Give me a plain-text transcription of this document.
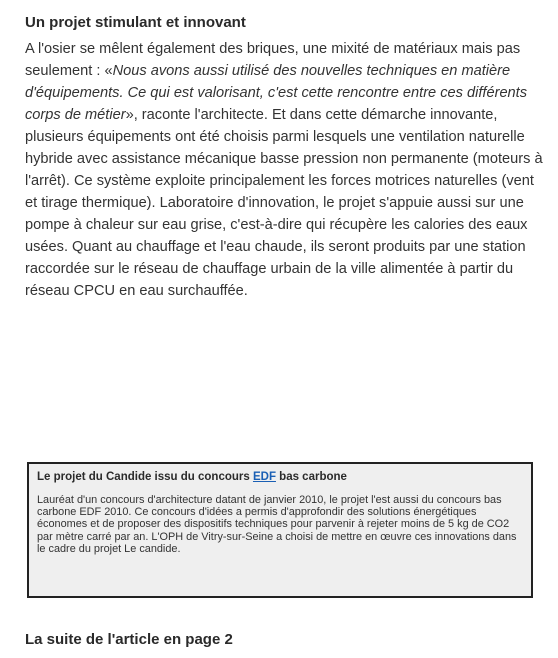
Un projet stimulant et innovant

A l'osier se mêlent également des briques, une mixité de matériaux mais pas seulement : «Nous avons aussi utilisé des nouvelles techniques en matière d'équipements. Ce qui est valorisant, c'est cette rencontre entre ces différents corps de métier», raconte l'architecte. Et dans cette démarche innovante, plusieurs équipements ont été choisis parmi lesquels une ventilation naturelle hybride avec assistance mécanique basse pression non permanente (moteurs à l'arrêt). Ce système exploite principalement les forces motrices naturelles (vent et tirage thermique). Laboratoire d'innovation, le projet s'appuie aussi sur une pompe à chaleur sur eau grise, c'est-à-dire qui récupère les calories des eaux usées. Quant au chauffage et l'eau chaude, ils seront produits par une station raccordée sur le réseau de chauffage urbain de la ville alimentée à partir du réseau CPCU en eau surchauffée.

Le projet du Candide issu du concours EDF bas carbone

Lauréat d'un concours d'architecture datant de janvier 2010, le projet l'est aussi du concours bas carbone EDF 2010. Ce concours d'idées a permis d'approfondir des solutions énergétiques économes et de proposer des dispositifs techniques pour parvenir à rejeter moins de 5 kg de CO2 par mètre carré par an. L'OPH de Vitry-sur-Seine a choisi de mettre en œuvre ces innovations dans le cadre du projet Le candide.

La suite de l'article en page 2
